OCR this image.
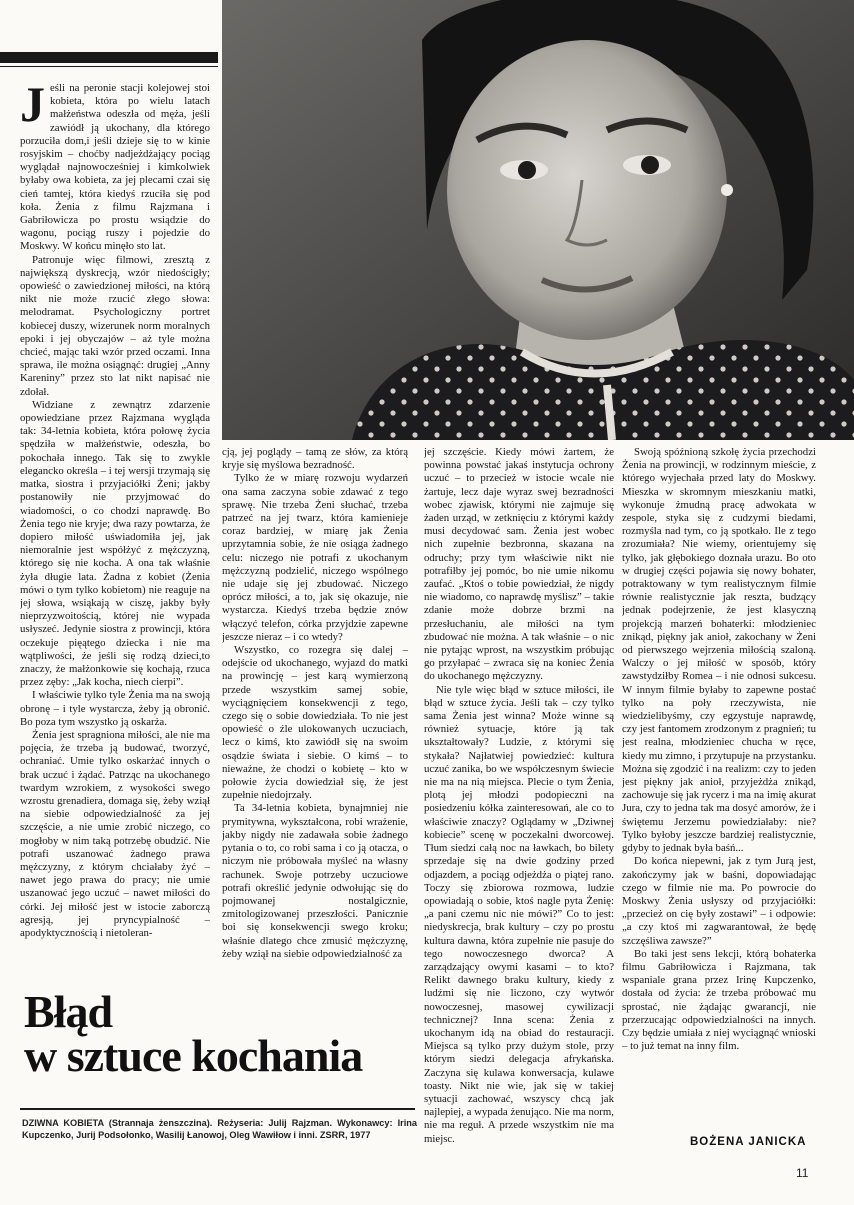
Jeśli na peronie stacji kolejowej stoi kobieta, która po wielu latach małżeństwa odeszła od męża, jeśli zawiódł ją ukochany, dla którego porzuciła dom,i jeśli dzieje się to w kinie rosyjskim – choćby nadjeżdżający pociąg wyglądał najnowocześniej i kimkolwiek byłaby owa kobieta, za jej plecami czai się cień tamtej, która kiedyś rzuciła się pod koła. Żenia z filmu Rajzmana i Gabriłowicza po prostu wsiądzie do wagonu, pociąg ruszy i pojedzie do Moskwy. W końcu minęło sto lat.

Patronuje więc filmowi, zresztą z największą dyskrecją, wzór niedościgły; opowieść o zawiedzionej miłości, na którą nikt nie może rzucić złego słowa: melodramat. Psychologiczny portret kobiecej duszy, wizerunek norm moralnych epoki i jej obyczajów – aż tyle można chcieć, mając taki wzór przed oczami. Inna sprawa, ile można osiągnąć: drugiej „Anny Kareniny” przez sto lat nikt napisać nie zdołał.

Widziane z zewnątrz zdarzenie opowiedziane przez Rajzmana wygląda tak: 34-letnia kobieta, która połowę życia spędziła w małżeństwie, odeszła, bo pokochała innego. Tak się to zwykle elegancko określa – i tej wersji trzymają się matka, siostra i przyjaciółki Żeni; jakby postanowiły nie przyjmować do wiadomości, o co chodzi naprawdę. Bo Żenia tego nie kryje; dwa razy powtarza, że dopiero miłość uświadomiła jej, jak niemoralnie jest współżyć z mężczyzną, którego się nie kocha. A ona tak właśnie żyła długie lata. Żadna z kobiet (Żenia mówi o tym tylko kobietom) nie reaguje na jej słowa, wsiąkają w ciszę, jakby były nieprzyzwoitością, której nie wypada usłyszeć. Jedynie siostra z prowincji, która oczekuje pięątego dziecka i nie ma wątpliwości, że jeśli się rodzą dzieci,to znaczy, że małżonkowie się kochają, rzuca przez zęby: „Jak kocha, niech cierpi”.

I właściwie tylko tyle Żenia ma na swoją obronę – i tyle wystarcza, żeby ją obronić. Bo poza tym wszystko ją oskarża.

Żenia jest spragniona miłości, ale nie ma pojęcia, że trzeba ją budować, tworzyć, ochraniać. Umie tylko oskarżać innych o brak uczuć i żądać. Patrząc na ukochanego twardym wzrokiem, z wysokości swego wzrostu grenadiera, domaga się, żeby wziął na siebie odpowiedzialność za jej szczęście, a nie umie zrobić niczego, co mogłoby w nim taką potrzebę obudzić. Nie potrafi uszanować żadnego prawa mężczyzny, z którym chciałaby żyć – nawet jego prawa do pracy; nie umie uszanować jego uczuć – nawet miłości do córki. Jej miłość jest w istocie zaborczą agresją, jej pryncypialność – apodyktycznością i nietoleran-

cją, jej poglądy – tamą ze słów, za którą kryje się myślowa bezradność.

Tylko że w miarę rozwoju wydarzeń ona sama zaczyna sobie zdawać z tego sprawę. Nie trzeba Żeni słuchać, trzeba patrzeć na jej twarz, która kamienieje coraz bardziej, w miarę jak Żenia uprzytamnia sobie, że nie osiąga żadnego celu: niczego nie potrafi z ukochanym mężczyzną podzielić, niczego wspólnego nie udaje się jej zbudować. Niczego oprócz miłości, a to, jak się okazuje, nie wystarcza. Kiedyś trzeba będzie znów włączyć telefon, córka przyjdzie zapewne jeszcze nieraz – i co wtedy?

Wszystko, co rozegra się dalej – odejście od ukochanego, wyjazd do matki na prowincję – jest karą wymierzoną przede wszystkim samej sobie, wyciągnięciem konsekwencji z tego, czego się o sobie dowiedziała. To nie jest opowieść o źle ulokowanych uczuciach, lecz o kimś, kto zawiódł się na swoim osądzie świata i siebie. O kimś – to nieważne, że chodzi o kobietę – kto w połowie życia dowiedział się, że jest zupełnie niedojrzały.

Ta 34-letnia kobieta, bynajmniej nie prymitywna, wykształcona, robi wrażenie, jakby nigdy nie zadawała sobie żadnego pytania o to, co robi sama i co ją otacza, o niczym nie próbowała myśleć na własny rachunek. Swoje potrzeby uczuciowe potrafi określić jedynie odwołując się do pojmowanej nostalgicznie, zmitologizowanej przeszłości. Panicznie boi się konsekwencji swego kroku; właśnie dlatego chce zmusić mężczyznę, żeby wziął na siebie odpowiedzialność za

jej szczęście. Kiedy mówi żartem, że powinna powstać jakaś instytucja ochrony uczuć – to przecież w istocie wcale nie żartuje, lecz daje wyraz swej bezradności wobec zjawisk, którymi nie zajmuje się żaden urząd, w zetknięciu z którymi każdy musi decydować sam. Żenia jest wobec nich zupełnie bezbronna, skazana na odruchy; przy tym właściwie nikt nie potrafiłby jej pomóc, bo nie umie nikomu zaufać. „Ktoś o tobie powiedział, że nigdy nie wiadomo, co naprawdę myślisz” – takie zdanie może dobrze brzmi na przesłuchaniu, ale miłości na tym zbudować nie można. A tak właśnie – o nic nie pytając wprost, na wszystkim próbując go przyłapać – zwraca się na koniec Żenia do ukochanego mężczyzny.

Nie tyle więc błąd w sztuce miłości, ile błąd w sztuce życia. Jeśli tak – czy tylko sama Żenia jest winna? Może winne są również sytuacje, które ją tak ukształtowały? Ludzie, z którymi się stykała? Najłatwiej powiedzieć: kultura uczuć zanika, bo we współczesnym świecie nie ma na nią miejsca. Plecie o tym Żenia, plotą jej młodzi podopieczni na posiedzeniu kółka zainteresowań, ale co to właściwie znaczy? Oglądamy w „Dziwnej kobiecie” scenę w poczekalni dworcowej. Tłum siedzi całą noc na ławkach, bo bilety sprzedaje się na dwie godziny przed odjazdem, a pociąg odjeżdża o piątej rano. Toczy się zbiorowa rozmowa, ludzie opowiadają o sobie, ktoś nagle pyta Żenię: „a pani czemu nic nie mówi?” Co to jest: niedyskrecja, brak kultury – czy po prostu kultura dawna, która zupełnie nie pasuje do tego nowoczesnego dworca? A zarządzający owymi kasami – to kto? Relikt dawnego braku kultury, kiedy z ludźmi się nie liczono, czy wytwór nowoczesnej, masowej cywilizacji technicznej? Inna scena: Żenia z ukochanym idą na obiad do restauracji. Miejsca są tylko przy dużym stole, przy którym siedzi delegacja afrykańska. Zaczyna się kulawa konwersacja, kulawe toasty. Nikt nie wie, jak się w takiej sytuacji zachować, wszyscy chcą jak najlepiej, a wypada żenująco. Nie ma norm, nie ma reguł. A przede wszystkim nie ma miejsc.

Swoją spóźnioną szkołę życia przechodzi Żenia na prowincji, w rodzinnym mieście, z którego wyjechała przed laty do Moskwy. Mieszka w skromnym mieszkaniu matki, wykonuje żmudną pracę adwokata w zespole, styka się z cudzymi biedami, rozmyśla nad tym, co ją spotkało. Ile z tego zrozumiała? Nie wiemy, orientujemy się tylko, jak głębokiego doznała urazu. Bo oto w drugiej części pojawia się nowy bohater, potraktowany w tym realistycznym filmie równie realistycznie jak reszta, budzący jednak podejrzenie, że jest klasyczną projekcją marzeń bohaterki: młodzieniec znikąd, piękny jak anioł, zakochany w Żeni od pierwszego wejrzenia miłością szaloną. Walczy o jej miłość w sposób, który zawstydziłby Romea – i nie odnosi sukcesu. W innym filmie byłaby to zapewne postać tylko na poły rzeczywista, nie wiedzielibyśmy, czy egzystuje naprawdę, czy jest fantomem zrodzonym z pragnień; tu jest realna, młodzieniec chucha w ręce, kiedy mu zimno, i przytupuje na przystanku. Można się zgodzić i na realizm: czy to jeden jest piękny jak anioł, przyjeżdża znikąd, zachowuje się jak rycerz i ma na imię akurat Jura, czy to jedna tak ma dosyć amorów, że i świętemu Jerzemu powiedziałaby: nie? Tylko byłoby jeszcze bardziej realistycznie, gdyby to jednak była baśń...

Do końca niepewni, jak z tym Jurą jest, zakończymy jak w baśni, dopowiadając czego w filmie nie ma. Po powrocie do Moskwy Żenia usłyszy od przyjaciółki: „przecież on cię były zostawi” – i odpowie: „a czy ktoś mi zagwarantował, że będę szczęśliwa zawsze?”

Bo taki jest sens lekcji, którą bohaterka filmu Gabriłowicza i Rajzmana, tak wspaniale grana przez Irinę Kupczenko, dostała od życia: że trzeba próbować mu sprostać, nie żądając gwarancji, nie przerzucając odpowiedzialności na innych. Czy będzie umiała z niej wyciągnąć wnioski – to już temat na inny film.

Błąd
w sztuce kochania
DZIWNA KOBIETA (Strannaja żenszczina). Reżyseria: Julij Rajzman. Wykonawcy: Irina Kupczenko, Jurij Podsołonko, Wasilij Łanowoj, Oleg Wawiłow i inni. ZSRR, 1977
BOŻENA JANICKA
11
